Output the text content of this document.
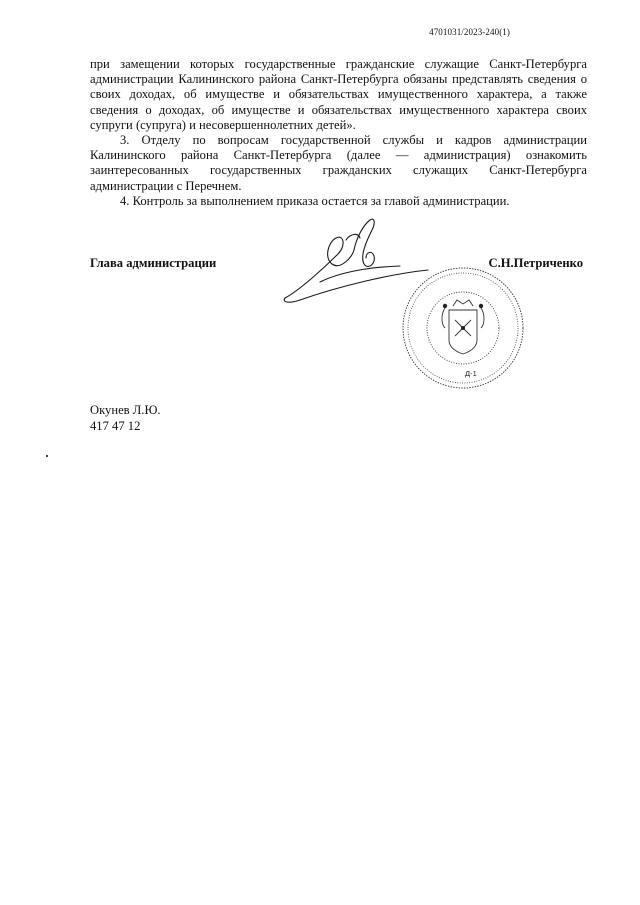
4701031/2023-240(1)

при замещении которых государственные гражданские служащие Санкт-Петербурга администрации Калининского района Санкт-Петербурга обязаны представлять сведения о своих доходах, об имуществе и обязательствах имущественного характера, а также сведения о доходах, об имуществе и обязательствах имущественного характера своих супруги (супруга) и несовершеннолетних детей».

3. Отделу по вопросам государственной службы и кадров администрации Калининского района Санкт-Петербурга (далее — администрация) ознакомить заинтересованных государственных гражданских служащих Санкт-Петербурга администрации с Перечнем.

4. Контроль за выполнением приказа остается за главой администрации.

Д-1
Глава администрации	С.Н.Петриченко
Окунев Л.Ю.
417 47 12
